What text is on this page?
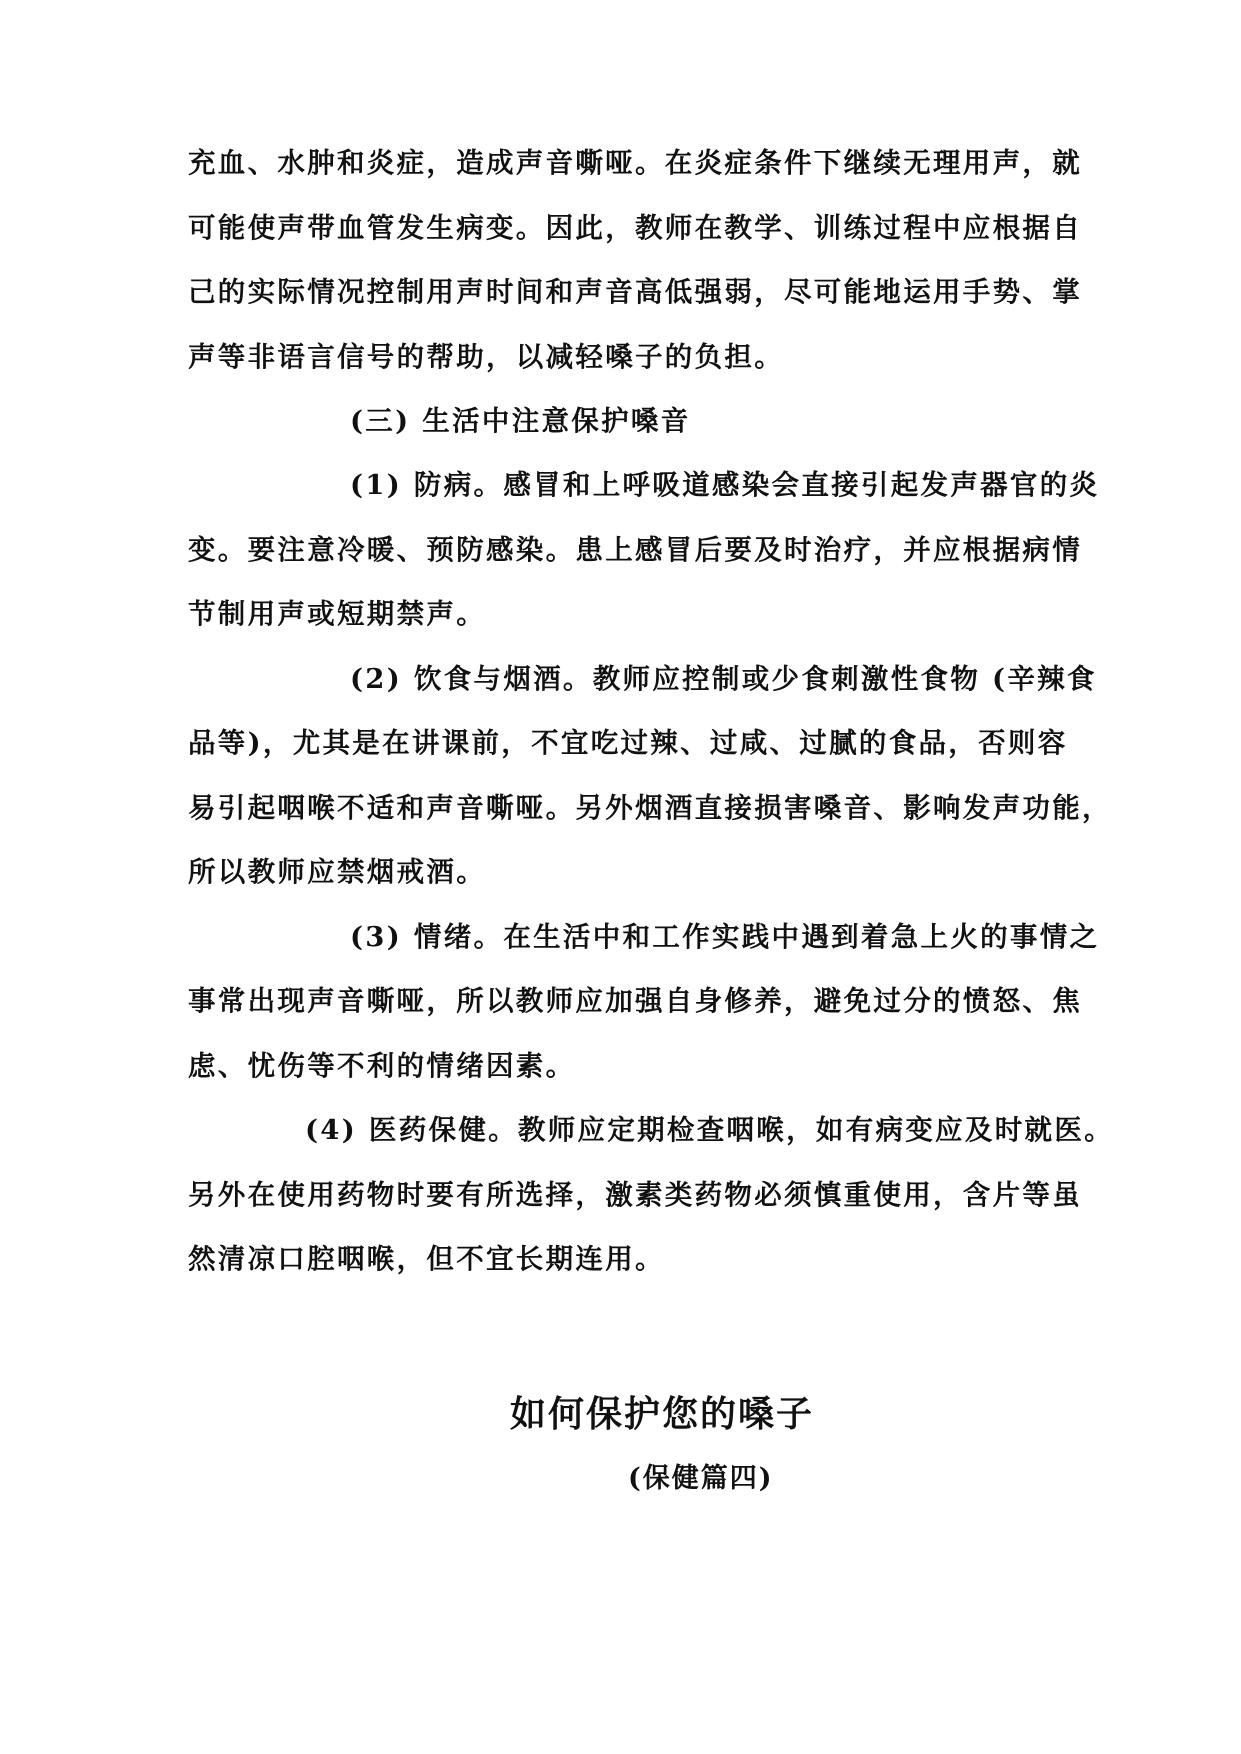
充血、水肿和炎症，造成声音嘶哑。在炎症条件下继续无理用声，就
可能使声带血管发生病变。因此，教师在教学、训练过程中应根据自
己的实际情况控制用声时间和声音高低强弱，尽可能地运用手势、掌
声等非语言信号的帮助，以减轻嗓子的负担。
(三) 生活中注意保护嗓音
(1) 防病。感冒和上呼吸道感染会直接引起发声器官的炎
变。要注意冷暖、预防感染。患上感冒后要及时治疗，并应根据病情
节制用声或短期禁声。
(2) 饮食与烟酒。教师应控制或少食刺激性食物 (辛辣食
品等)，尤其是在讲课前，不宜吃过辣、过咸、过腻的食品，否则容
易引起咽喉不适和声音嘶哑。另外烟酒直接损害嗓音、影响发声功能，
所以教师应禁烟戒酒。
(3) 情绪。在生活中和工作实践中遇到着急上火的事情之
事常出现声音嘶哑，所以教师应加强自身修养，避免过分的愤怒、焦
虑、忧伤等不利的情绪因素。
(4) 医药保健。教师应定期检查咽喉，如有病变应及时就医。
另外在使用药物时要有所选择，激素类药物必须慎重使用，含片等虽
然清凉口腔咽喉，但不宜长期连用。
如何保护您的嗓子
(保健篇四)
